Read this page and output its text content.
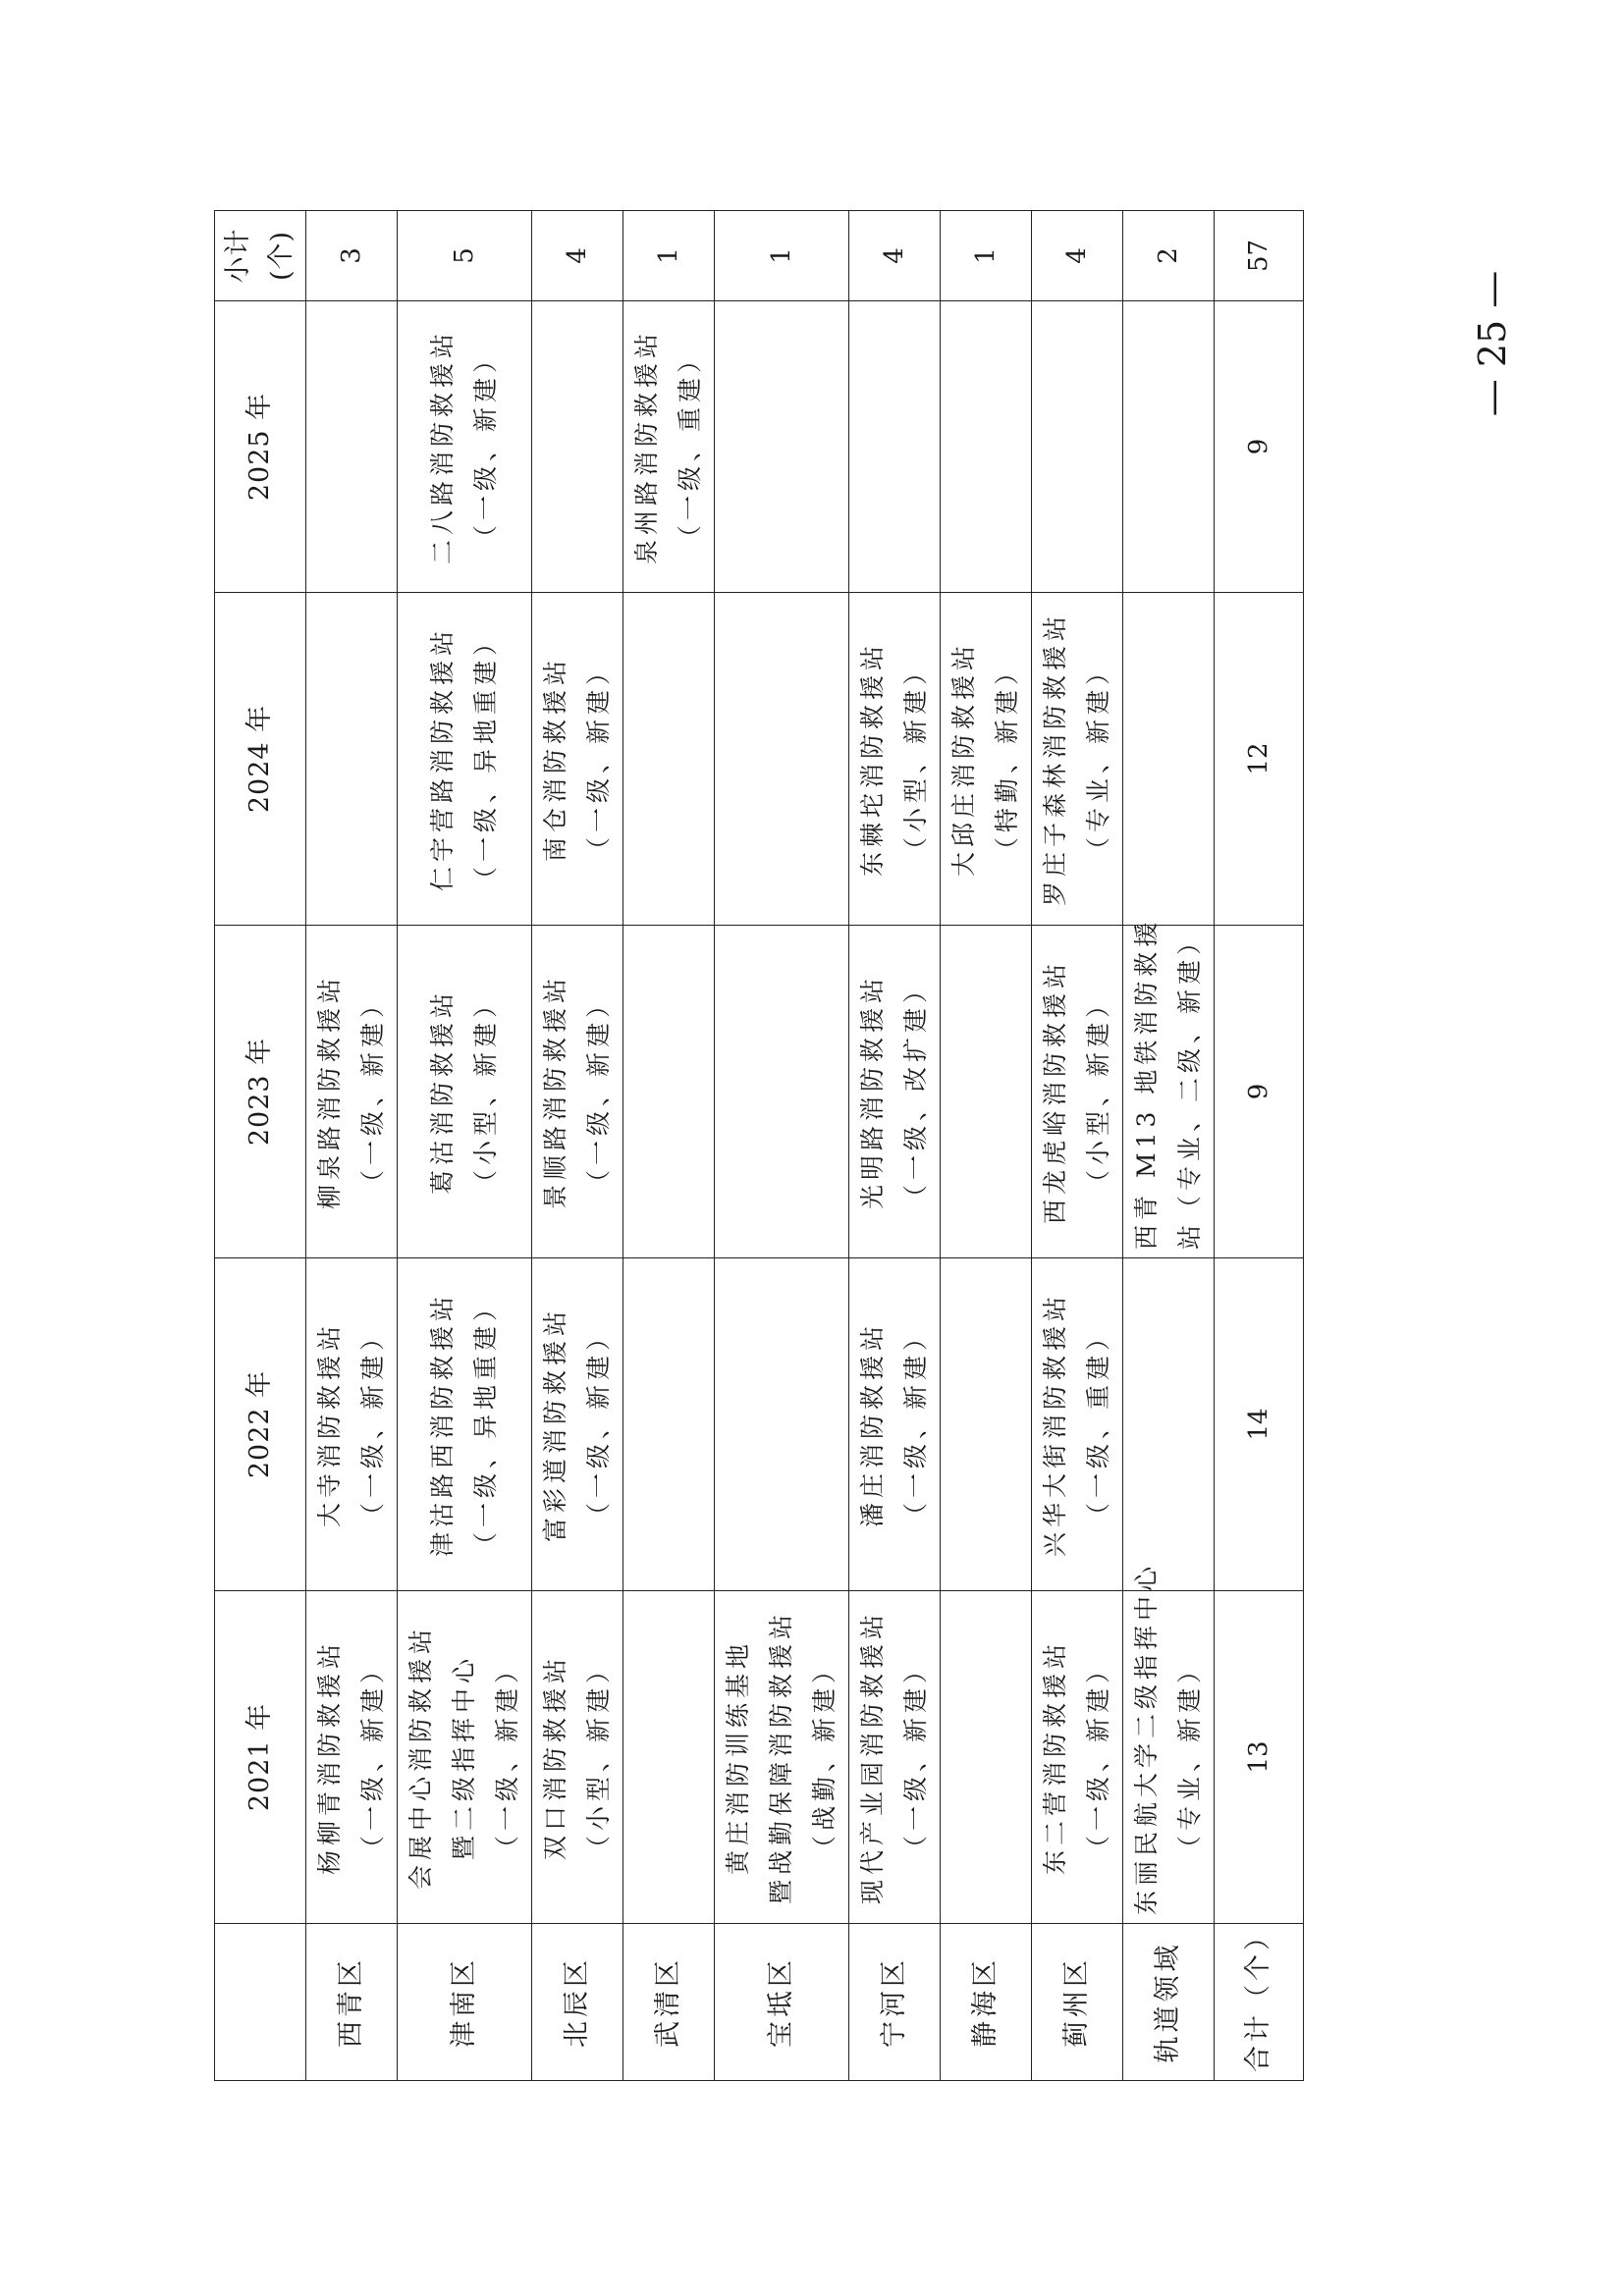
— 25 —
	2021 年	2022 年	2023 年	2024 年	2025 年	小计(个)
西青区	杨柳青消防救援站 （一级、新建）	大寺消防救援站 （一级、新建）	柳泉路消防救援站 （一级、新建）			3
津南区	会展中心消防救援站 暨二级指挥中心 （一级、新建）	津沽路西消防救援站 （一级、异地重建）	葛沽消防救援站 （小型、新建）	仁宇营路消防救援站 （一级、异地重建）	二八路消防救援站 （一级、新建）	5
北辰区	双口消防救援站 （小型、新建）	富彩道消防救援站 （一级、新建）	景顺路消防救援站 （一级、新建）	南仓消防救援站 （一级、新建）		4
武清区					泉州路消防救援站 （一级、重建）	1
宝坻区	黄庄消防训练基地 暨战勤保障消防救援站 （战勤、新建）					1
宁河区	现代产业园消防救援站 （一级、新建）	潘庄消防救援站 （一级、新建）	光明路消防救援站 （一级、改扩建）	东棘坨消防救援站 （小型、新建）		4
静海区				大邱庄消防救援站 （特勤、新建）		1
蓟州区	东二营消防救援站 （一级、新建）	兴华大街消防救援站 （一级、重建）	西龙虎峪消防救援站 （小型、新建）	罗庄子森林消防救援站 （专业、新建）		4
轨道领域	东丽民航大学二级指挥中心 （专业、新建）		西青 M13 地铁消防救援 站（专业、二级、新建）			2
合计（个）	13	14	9	12	9	57
